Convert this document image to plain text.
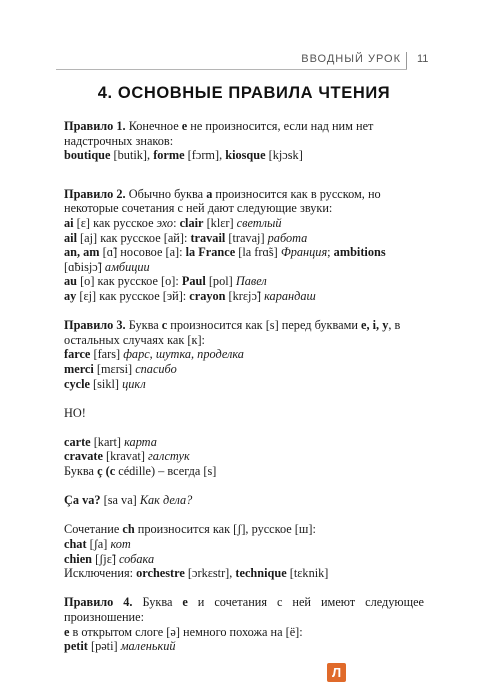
ВВОДНЫЙ УРОК 11
4. ОСНОВНЫЕ ПРАВИЛА ЧТЕНИЯ

Правило 1. Конечное e не произносится, если над ним нет надстрочных знаков:

boutique [butik], forme [fɔrm], kiosque [kjɔsk]

Правило 2. Обычно буква a произносится как в русском, но некоторые сочетания с ней дают следующие звуки:

ai [ɛ] как русское эхо: clair [klɛr] светлый

ail [aj] как русское [ай]: travail [travaj] работа

an, am [ɑ̃] носовое [а]: la France [la frɑ̃s] Франция; ambitions
[ɑ̃bisjɔ̃] амбиции

au [o] как русское [о]: Paul [pol] Павел

ay [ɛj] как русское [эй]: crayon [krɛjɔ̃] карандаш

Правило 3. Буква c произносится как [s] перед буквами e, i, y, в остальных случаях как [к]:

farce [fars] фарс, шутка, проделка

merci [mɛrsi] спасибо

cycle [sikl] цикл

НО!

carte [kart] карта

cravate [kravat] галстук

Буква ç (c cédille) – всегда [s]

Ça va? [sa va] Как дела?

Сочетание ch произносится как [ʃ], русское [ш]:

chat [ʃa] кот

chien [ʃjɛ̃] собака

Исключения: orchestre [ɔrkɛstr], technique [tɛknik]

Правило 4. Буква e и сочетания с ней имеют следующее произношение:

e в открытом слоге [ə] немного похожа на [ё]:

petit [pəti] маленький

Л
